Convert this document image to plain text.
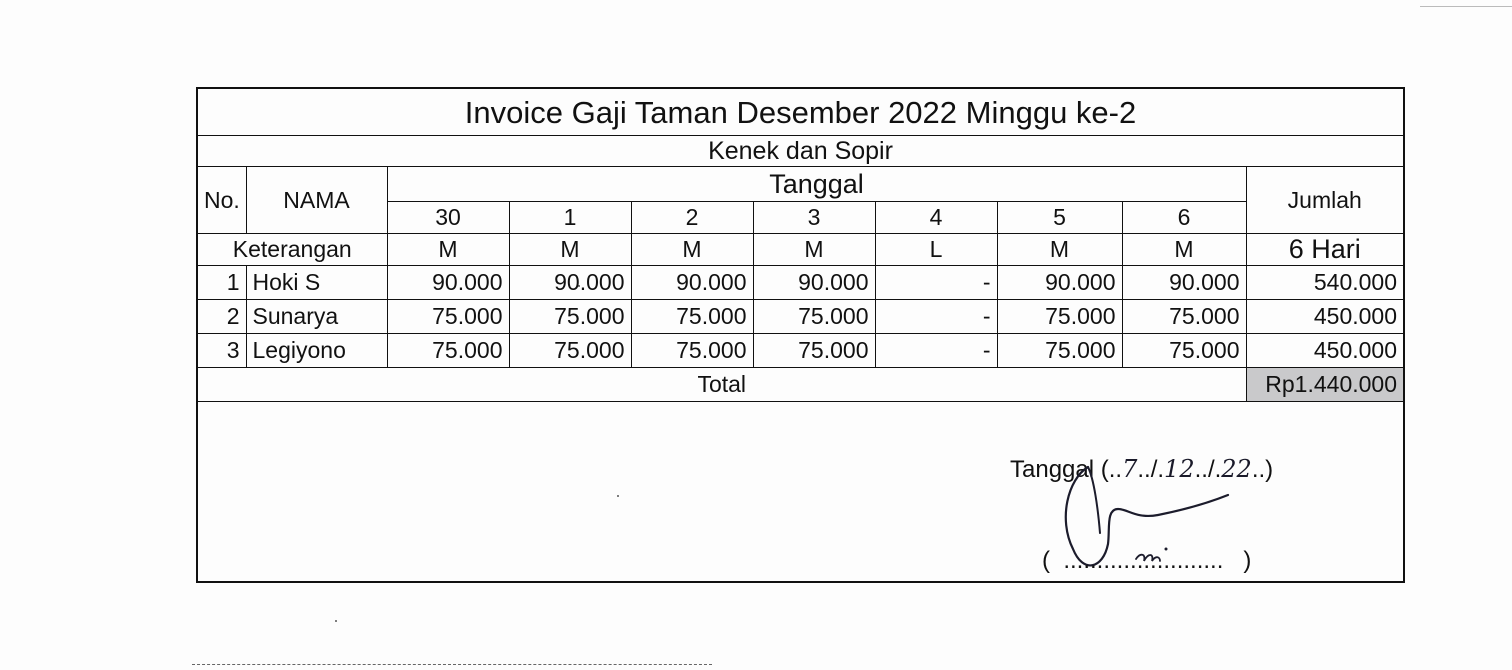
Invoice Gaji Taman Desember 2022 Minggu ke-2									
Kenek dan Sopir									
No.	NAMA	Tanggal							Jumlah
		30	1	2	3	4	5	6	
Keterangan		M	M	M	M	L	M	M	6 Hari
1	Hoki S	90.000	90.000	90.000	90.000	-	90.000	90.000	540.000
2	Sunarya	75.000	75.000	75.000	75.000	-	75.000	75.000	450.000
3	Legiyono	75.000	75.000	75.000	75.000	-	75.000	75.000	450.000
Total									Rp1.440.000
Tanggal (..7../.12../.22..)
(  ........................   )
